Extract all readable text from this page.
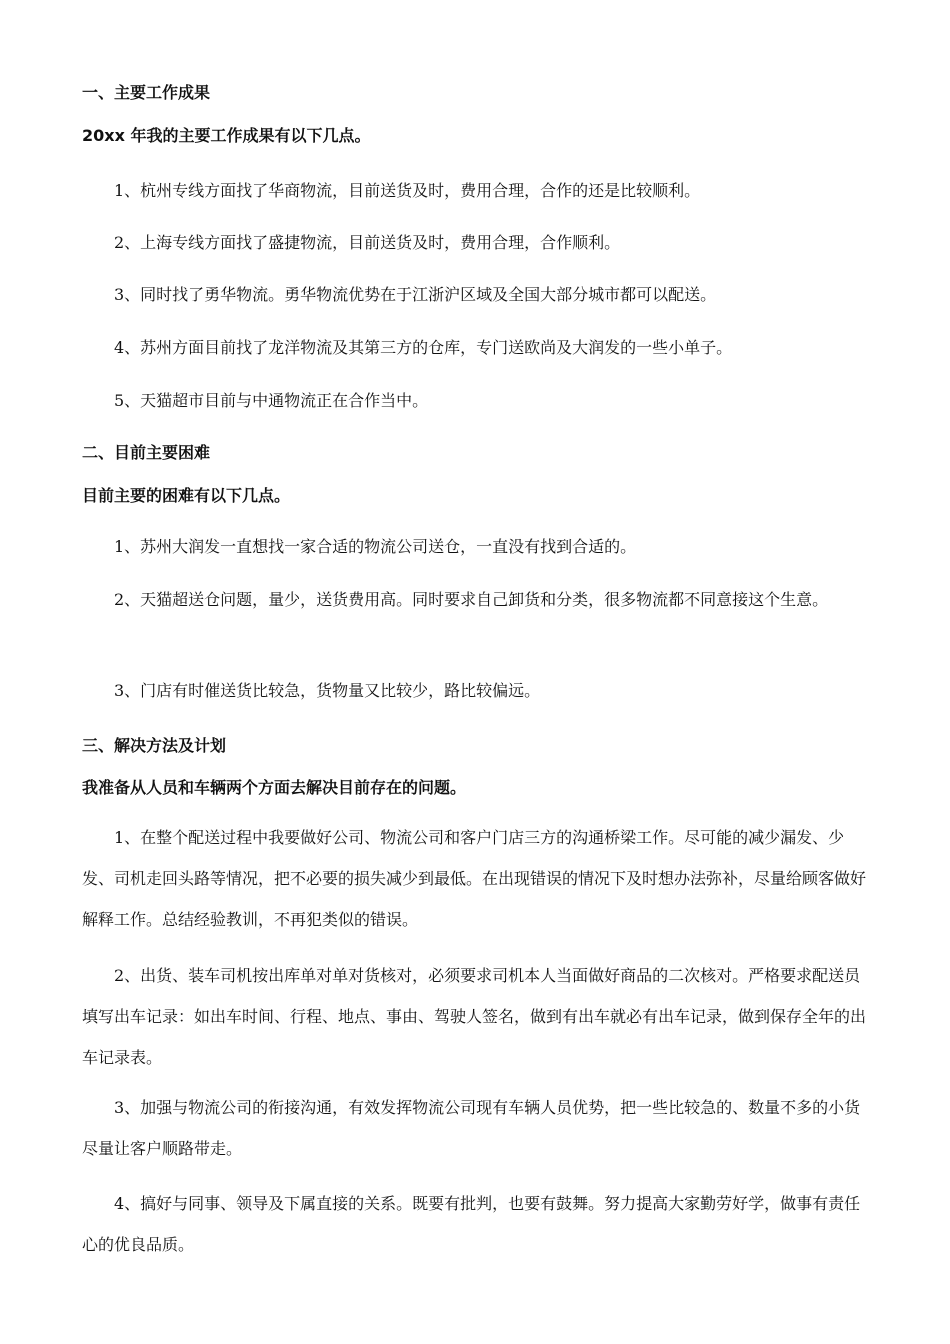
一、主要工作成果
20xx 年我的主要工作成果有以下几点。
1、杭州专线方面找了华商物流，目前送货及时，费用合理，合作的还是比较顺利。
2、上海专线方面找了盛捷物流，目前送货及时，费用合理，合作顺利。
3、同时找了勇华物流。勇华物流优势在于江浙沪区域及全国大部分城市都可以配送。
4、苏州方面目前找了龙洋物流及其第三方的仓库，专门送欧尚及大润发的一些小单子。
5、天猫超市目前与中通物流正在合作当中。
二、目前主要困难
目前主要的困难有以下几点。
1、苏州大润发一直想找一家合适的物流公司送仓，一直没有找到合适的。
2、天猫超送仓问题，量少，送货费用高。同时要求自己卸货和分类，很多物流都不同意接这个生意。
3、门店有时催送货比较急，货物量又比较少，路比较偏远。
三、解决方法及计划
我准备从人员和车辆两个方面去解决目前存在的问题。
1、在整个配送过程中我要做好公司、物流公司和客户门店三方的沟通桥梁工作。尽可能的减少漏发、少发、司机走回头路等情况，把不必要的损失减少到最低。在出现错误的情况下及时想办法弥补，尽量给顾客做好解释工作。总结经验教训，不再犯类似的错误。
2、出货、装车司机按出库单对单对货核对，必须要求司机本人当面做好商品的二次核对。严格要求配送员填写出车记录：如出车时间、行程、地点、事由、驾驶人签名，做到有出车就必有出车记录，做到保存全年的出车记录表。
3、加强与物流公司的衔接沟通，有效发挥物流公司现有车辆人员优势，把一些比较急的、数量不多的小货尽量让客户顺路带走。
4、搞好与同事、领导及下属直接的关系。既要有批判，也要有鼓舞。努力提高大家勤劳好学，做事有责任心的优良品质。
